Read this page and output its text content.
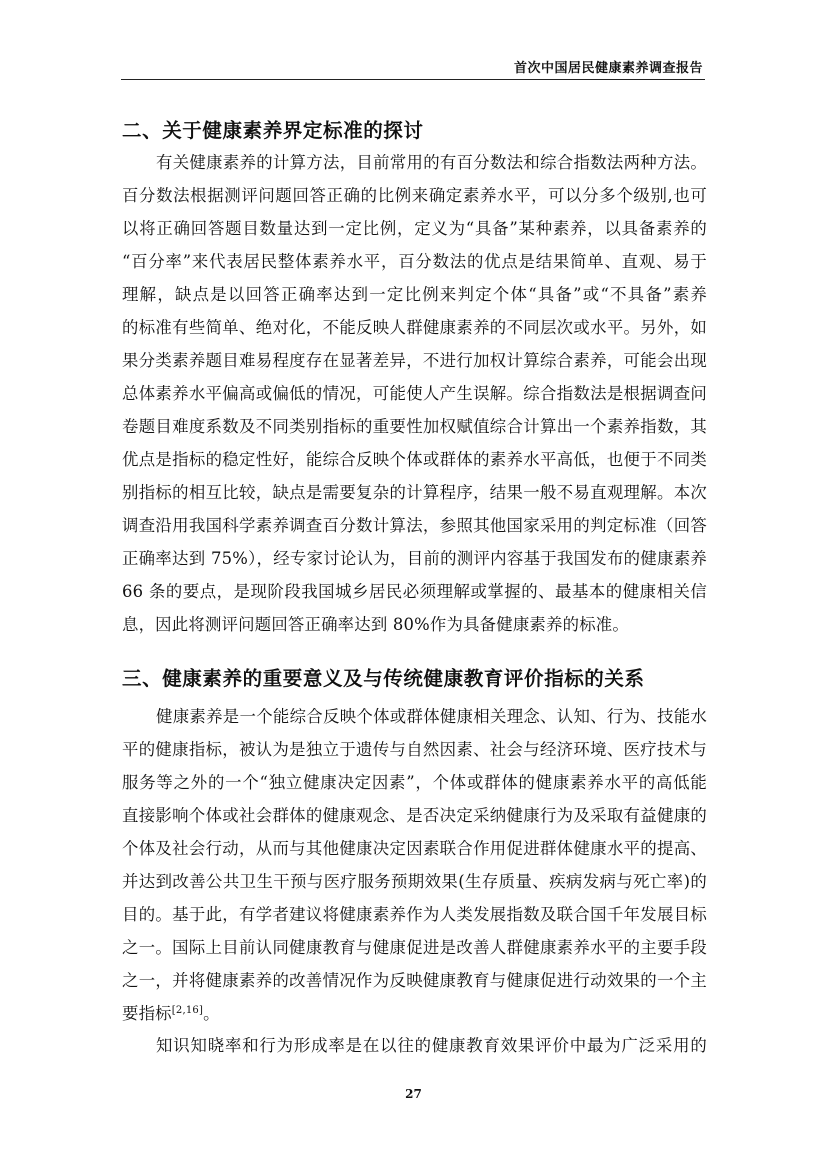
首次中国居民健康素养调查报告
二、关于健康素养界定标准的探讨
有关健康素养的计算方法，目前常用的有百分数法和综合指数法两种方法。
百分数法根据测评问题回答正确的比例来确定素养水平，可以分多个级别,也可
以将正确回答题目数量达到一定比例，定义为“具备”某种素养，以具备素养的
“百分率”来代表居民整体素养水平，百分数法的优点是结果简单、直观、易于
理解，缺点是以回答正确率达到一定比例来判定个体“具备”或“不具备”素养
的标准有些简单、绝对化，不能反映人群健康素养的不同层次或水平。另外，如
果分类素养题目难易程度存在显著差异，不进行加权计算综合素养，可能会出现
总体素养水平偏高或偏低的情况，可能使人产生误解。综合指数法是根据调查问
卷题目难度系数及不同类别指标的重要性加权赋值综合计算出一个素养指数，其
优点是指标的稳定性好，能综合反映个体或群体的素养水平高低，也便于不同类
别指标的相互比较，缺点是需要复杂的计算程序，结果一般不易直观理解。本次
调查沿用我国科学素养调查百分数计算法，参照其他国家采用的判定标准（回答
正确率达到 75%），经专家讨论认为，目前的测评内容基于我国发布的健康素养
66 条的要点，是现阶段我国城乡居民必须理解或掌握的、最基本的健康相关信
息，因此将测评问题回答正确率达到 80%作为具备健康素养的标准。
三、健康素养的重要意义及与传统健康教育评价指标的关系
健康素养是一个能综合反映个体或群体健康相关理念、认知、行为、技能水
平的健康指标，被认为是独立于遗传与自然因素、社会与经济环境、医疗技术与
服务等之外的一个“独立健康决定因素”，个体或群体的健康素养水平的高低能
直接影响个体或社会群体的健康观念、是否决定采纳健康行为及采取有益健康的
个体及社会行动，从而与其他健康决定因素联合作用促进群体健康水平的提高、
并达到改善公共卫生干预与医疗服务预期效果(生存质量、疾病发病与死亡率)的
目的。基于此，有学者建议将健康素养作为人类发展指数及联合国千年发展目标
之一。国际上目前认同健康教育与健康促进是改善人群健康素养水平的主要手段
之一，并将健康素养的改善情况作为反映健康教育与健康促进行动效果的一个主
要指标[2,16]。
知识知晓率和行为形成率是在以往的健康教育效果评价中最为广泛采用的
27
